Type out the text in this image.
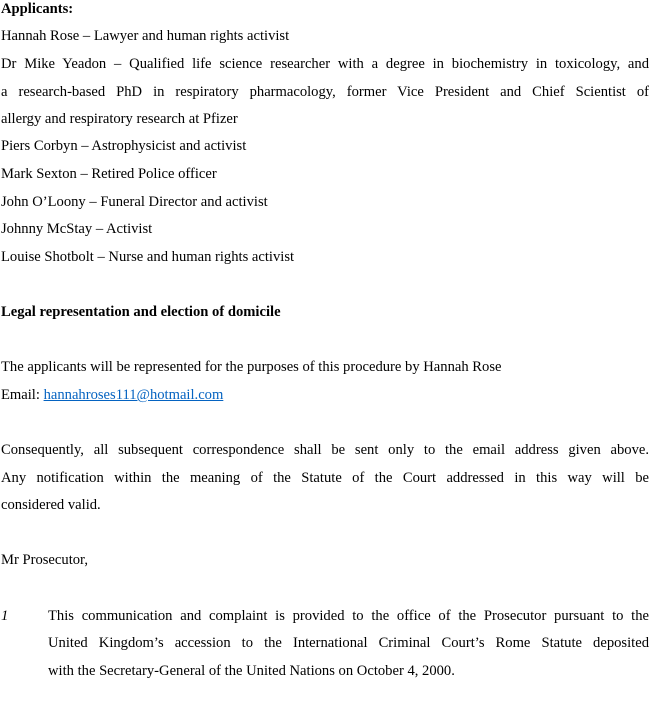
Applicants:
Hannah Rose – Lawyer and human rights activist
Dr Mike Yeadon – Qualified life science researcher with a degree in biochemistry in toxicology, and
a research-based PhD in respiratory pharmacology, former Vice President and Chief Scientist of
allergy and respiratory research at Pfizer
Piers Corbyn – Astrophysicist and activist
Mark Sexton – Retired Police officer
John O’Loony – Funeral Director and activist
Johnny McStay – Activist
Louise Shotbolt – Nurse and human rights activist
Legal representation and election of domicile
The applicants will be represented for the purposes of this procedure by Hannah Rose
Email: hannahroses111@hotmail.com
Consequently, all subsequent correspondence shall be sent only to the email address given above.
Any notification within the meaning of the Statute of the Court addressed in this way will be
considered valid.
Mr Prosecutor,
1	This communication and complaint is provided to the office of the Prosecutor pursuant to the
United Kingdom’s accession to the International Criminal Court’s Rome Statute deposited
with the Secretary-General of the United Nations on October 4, 2000.
